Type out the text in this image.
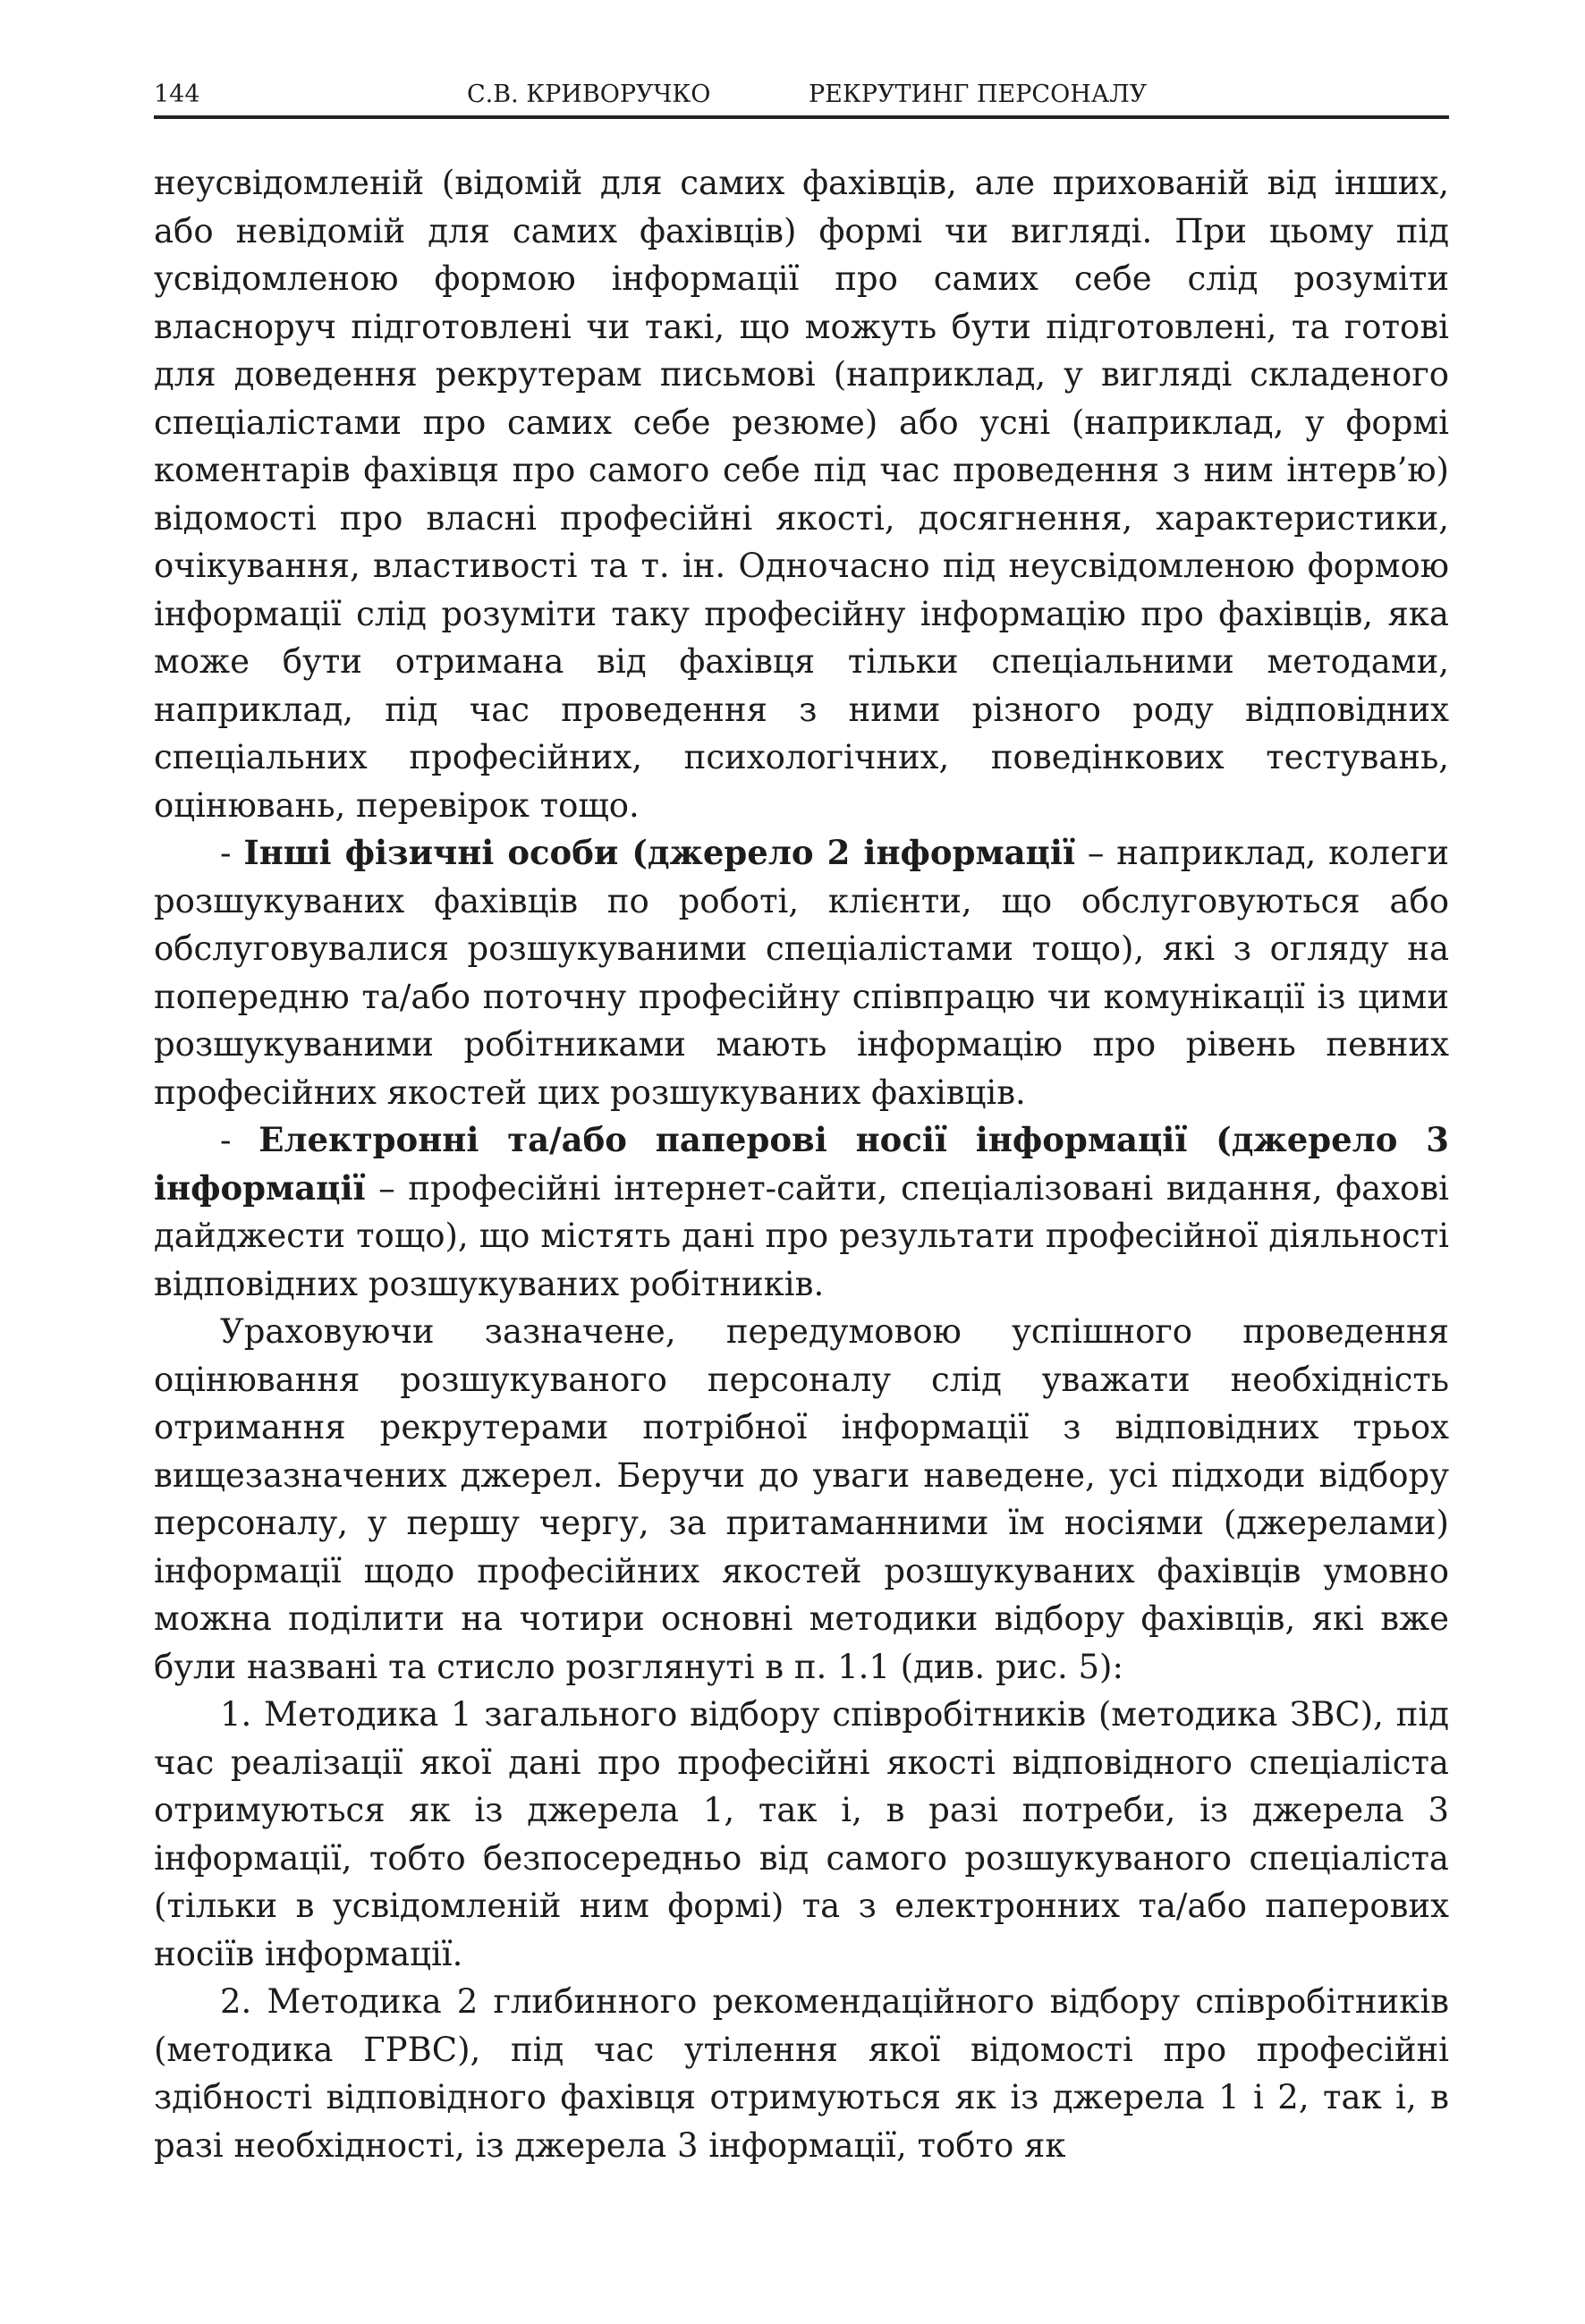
144	С.В. КРИВОРУЧКО	РЕКРУТИНГ ПЕРСОНАЛУ

неусвідомленій (відомій для самих фахівців, але прихованій від інших, або невідомій для самих фахівців) формі чи вигляді. При цьому під усвідомленою формою інформації про самих себе слід розуміти власноруч підготовлені чи такі, що можуть бути підготовлені, та готові для доведення рекрутерам письмові (наприклад, у вигляді складеного спеціалістами про самих себе резюме) або усні (наприклад, у формі коментарів фахівця про самого себе під час проведення з ним інтерв’ю) відомості про власні професійні якості, досягнення, характеристики, очікування, властивості та т. ін. Одночасно під неусвідомленою формою інформації слід розуміти таку професійну інформацію про фахівців, яка може бути отримана від фахівця тільки спеціальними методами, наприклад, під час проведення з ними різного роду відповідних спеціальних професійних, психологічних, поведінкових тестувань, оцінювань, перевірок тощо.

- Інші фізичні особи (джерело 2 інформації – наприклад, колеги розшукуваних фахівців по роботі, клієнти, що обслуговуються або обслуговувалися розшукуваними спеціалістами тощо), які з огляду на попередню та/або поточну професійну співпрацю чи комунікації із цими розшукуваними робітниками мають інформацію про рівень певних професійних якостей цих розшукуваних фахівців.

- Електронні та/або паперові носії інформації (джерело 3 інформації – професійні інтернет-сайти, спеціалізовані видання, фахові дайджести тощо), що містять дані про результати професійної діяльності відповідних розшукуваних робітників.

Ураховуючи зазначене, передумовою успішного проведення оцінювання розшукуваного персоналу слід уважати необхідність отримання рекрутерами потрібної інформації з відповідних трьох вищезазначених джерел. Беручи до уваги наведене, усі підходи відбору персоналу, у першу чергу, за притаманними їм носіями (джерелами) інформації щодо професійних якостей розшукуваних фахівців умовно можна поділити на чотири основні методики відбору фахівців, які вже були названі та стисло розглянуті в п. 1.1 (див. рис. 5):

1. Методика 1 загального відбору співробітників (методика ЗВС), під час реалізації якої дані про професійні якості відповідного спеціаліста отримуються як із джерела 1, так і, в разі потреби, із джерела 3 інформації, тобто безпосередньо від самого розшукуваного спеціаліста (тільки в усвідомленій ним формі) та з електронних та/або паперових носіїв інформації.

2. Методика 2 глибинного рекомендаційного відбору співробітників (методика ГРВС), під час утілення якої відомості про професійні здібності відповідного фахівця отримуються як із джерела 1 і 2, так і, в разі необхідності, із джерела 3 інформації, тобто як
